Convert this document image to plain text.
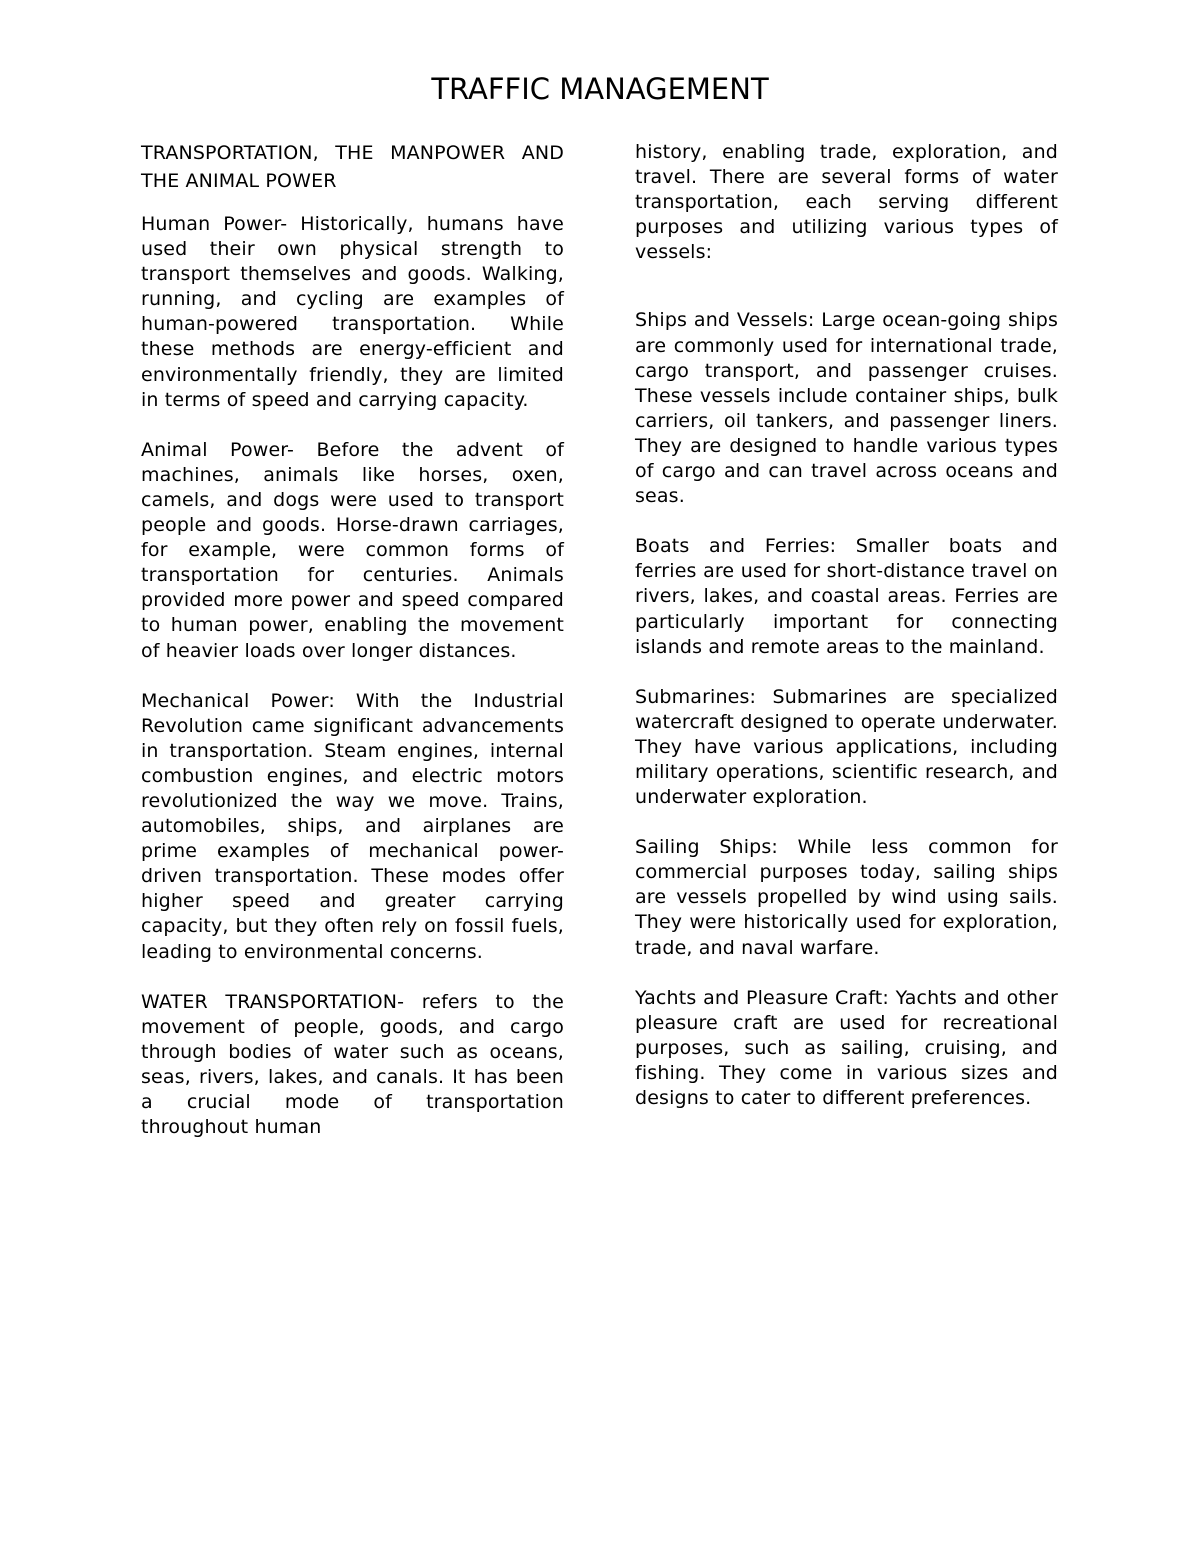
TRAFFIC MANAGEMENT

TRANSPORTATION, THE MANPOWER AND THE ANIMAL POWER

Human Power- Historically, humans have used their own physical strength to transport themselves and goods. Walking, running, and cycling are examples of human-powered transportation. While these methods are energy-efficient and environmentally friendly, they are limited in terms of speed and carrying capacity.

Animal Power- Before the advent of machines, animals like horses, oxen, camels, and dogs were used to transport people and goods. Horse-drawn carriages, for example, were common forms of transportation for centuries. Animals provided more power and speed compared to human power, enabling the movement of heavier loads over longer distances.

Mechanical Power: With the Industrial Revolution came significant advancements in transportation. Steam engines, internal combustion engines, and electric motors revolutionized the way we move. Trains, automobiles, ships, and airplanes are prime examples of mechanical power-driven transportation. These modes offer higher speed and greater carrying capacity, but they often rely on fossil fuels, leading to environmental concerns.

WATER TRANSPORTATION- refers to the movement of people, goods, and cargo through bodies of water such as oceans, seas, rivers, lakes, and canals. It has been a crucial mode of transportation throughout human

history, enabling trade, exploration, and travel. There are several forms of water transportation, each serving different purposes and utilizing various types of vessels:

Ships and Vessels: Large ocean-going ships are commonly used for international trade, cargo transport, and passenger cruises. These vessels include container ships, bulk carriers, oil tankers, and passenger liners. They are designed to handle various types of cargo and can travel across oceans and seas.

Boats and Ferries: Smaller boats and ferries are used for short-distance travel on rivers, lakes, and coastal areas. Ferries are particularly important for connecting islands and remote areas to the mainland.

Submarines: Submarines are specialized watercraft designed to operate underwater. They have various applications, including military operations, scientific research, and underwater exploration.

Sailing Ships: While less common for commercial purposes today, sailing ships are vessels propelled by wind using sails. They were historically used for exploration, trade, and naval warfare.

Yachts and Pleasure Craft: Yachts and other pleasure craft are used for recreational purposes, such as sailing, cruising, and fishing. They come in various sizes and designs to cater to different preferences.
